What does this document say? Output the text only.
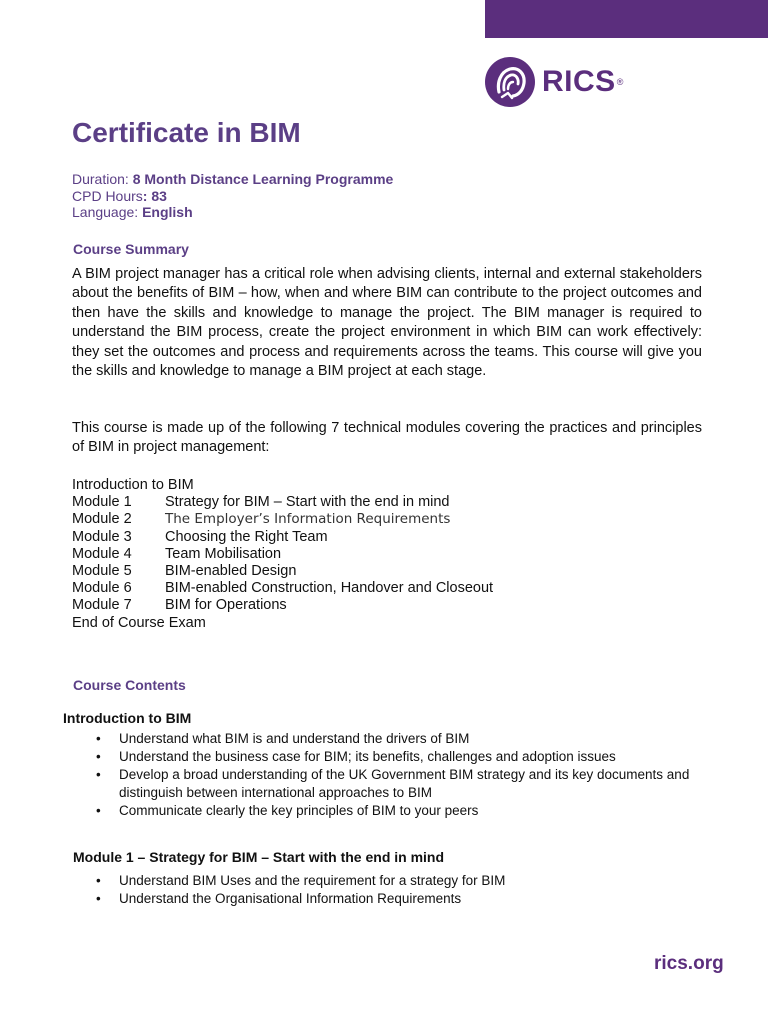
RICS ®
Certificate in BIM
Duration: 8 Month Distance Learning Programme
CPD Hours: 83
Language: English
Course Summary

A BIM project manager has a critical role when advising clients, internal and external stakeholders about the benefits of BIM – how, when and where BIM can contribute to the project outcomes and then have the skills and knowledge to manage the project. The BIM manager is required to understand the BIM process, create the project environment in which BIM can work effectively: they set the outcomes and process and requirements across the teams. This course will give you the skills and knowledge to manage a BIM project at each stage.

This course is made up of the following 7 technical modules covering the practices and principles of BIM in project management:

Introduction to BIM
Module 1	Strategy for BIM – Start with the end in mind
Module 2	The Employer’s Information Requirements
Module 3	Choosing the Right Team
Module 4	Team Mobilisation
Module 5	BIM-enabled Design
Module 6	BIM-enabled Construction, Handover and Closeout
Module 7	BIM for Operations
End of Course Exam
Course Contents
Introduction to BIM
• Understand what BIM is and understand the drivers of BIM
• Understand the business case for BIM; its benefits, challenges and adoption issues
• Develop a broad understanding of the UK Government BIM strategy and its key documents and distinguish between international approaches to BIM
• Communicate clearly the key principles of BIM to your peers
Module 1 – Strategy for BIM – Start with the end in mind
• Understand BIM Uses and the requirement for a strategy for BIM
• Understand the Organisational Information Requirements
rics.org
